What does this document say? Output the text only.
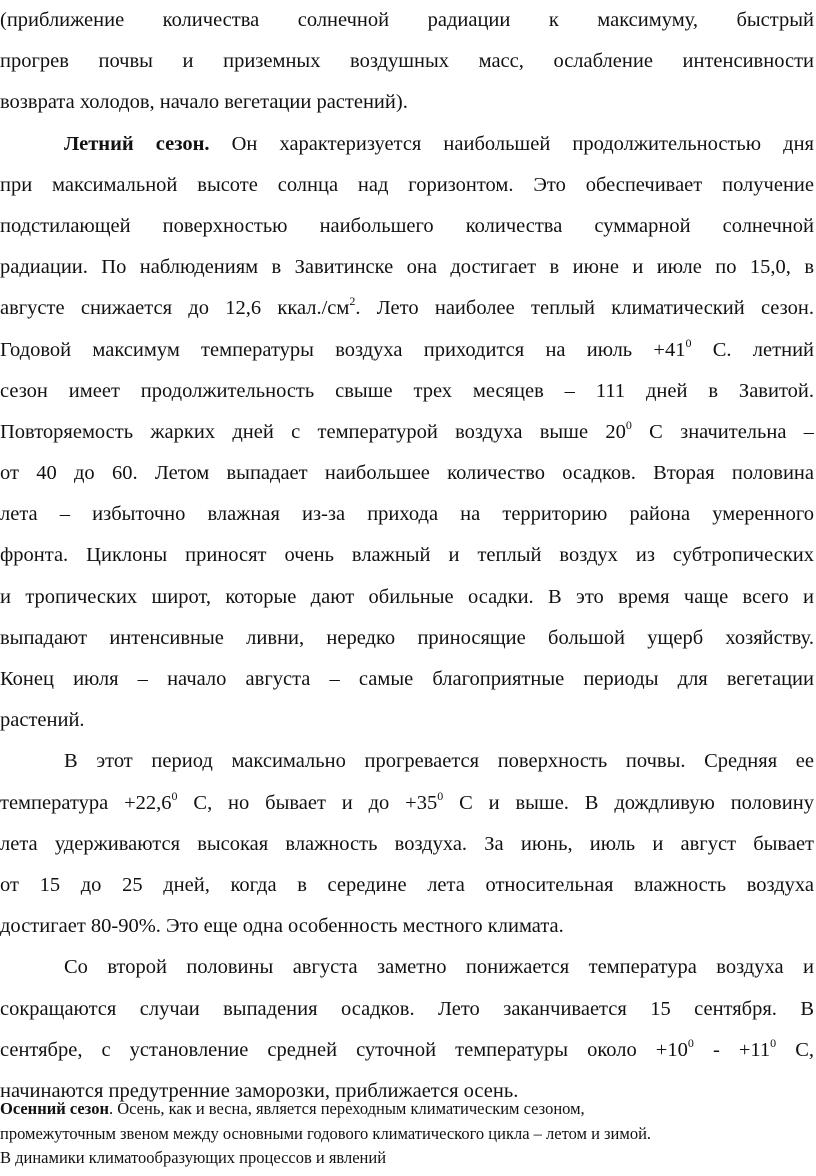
(приближение количества солнечной радиации к максимуму, быстрый
прогрев почвы и приземных воздушных масс, ослабление интенсивности
возврата холодов, начало вегетации растений).
Летний сезон. Он характеризуется наибольшей продолжительностью дня
при максимальной высоте солнца над горизонтом. Это обеспечивает получение
подстилающей поверхностью наибольшего количества суммарной солнечной
радиации. По наблюдениям в Завитинске она достигает в июне и июле по 15,0, в
августе снижается до 12,6 $ккал./см^2$. Лето наиболее теплый климатический сезон.
Годовой максимум температуры воздуха приходится на июль $+41^0$ С. летний
сезон имеет продолжительность свыше трех месяцев – 111 дней в Завитой.
Повторяемость жарких дней с температурой воздуха выше $20^0$ С значительна –
от 40 до 60. Летом выпадает наибольшее количество осадков. Вторая половина
лета – избыточно влажная из-за прихода на территорию района умеренного
фронта. Циклоны приносят очень влажный и теплый воздух из субтропических
и тропических широт, которые дают обильные осадки. В это время чаще всего и
выпадают интенсивные ливни, нередко приносящие большой ущерб хозяйству.
Конец июля – начало августа – самые благоприятные периоды для вегетации
растений.
В этот период максимально прогревается поверхность почвы. Средняя ее
температура $+22,6^0$ С, но бывает и до $+35^0$ С и выше. В дождливую половину
лета удерживаются высокая влажность воздуха. За июнь, июль и август бывает
от 15 до 25 дней, когда в середине лета относительная влажность воздуха
достигает 80-90%. Это еще одна особенность местного климата.
Со второй половины августа заметно понижается температура воздуха и
сокращаются случаи выпадения осадков. Лето заканчивается 15 сентября. В
сентябре, с установление средней суточной температуры около $+10^0 - +11^0$ С,
начинаются предутренние заморозки, приближается осень.
Осенний сезон. Осень, как и весна, является переходным климатическим сезоном,
промежуточным звеном между основными годового климатического цикла – летом и зимой.
В динамики климатообразующих процессов и явлений
